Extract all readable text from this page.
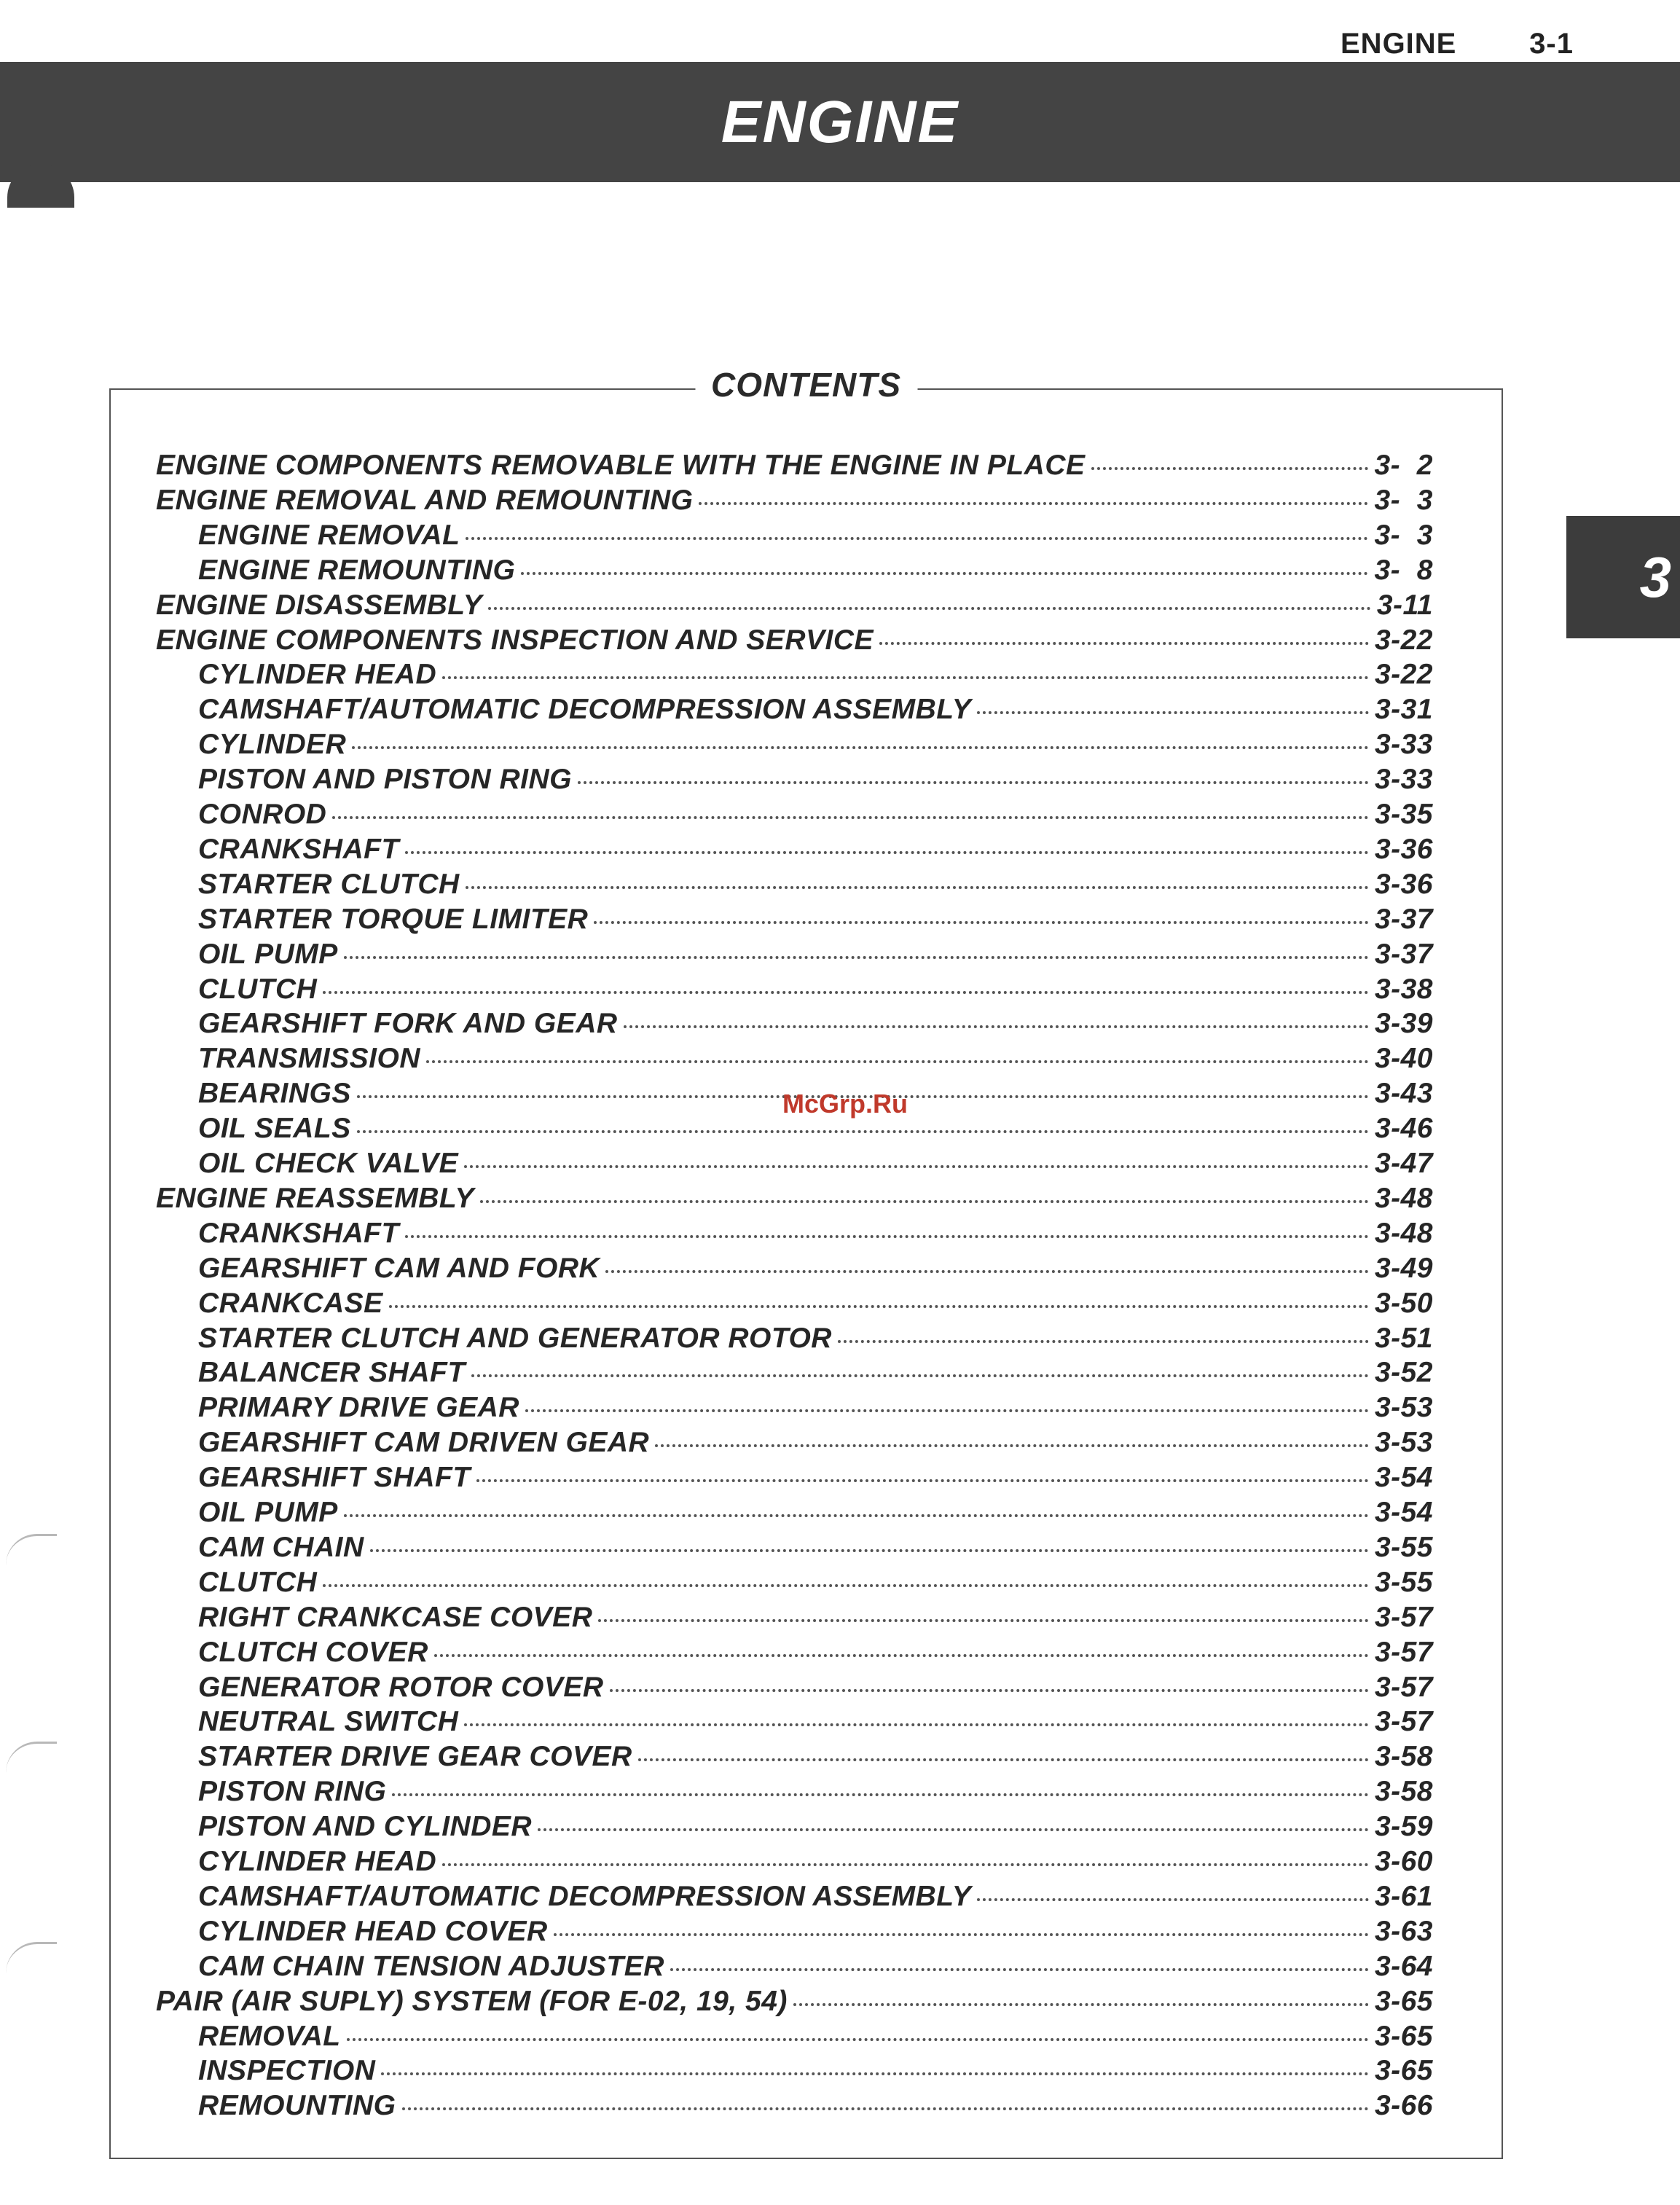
ENGINE 3-1
ENGINE
3
CONTENTS
ENGINE COMPONENTS REMOVABLE WITH THE ENGINE IN PLACE	3-  2
ENGINE REMOVAL AND REMOUNTING	3-  3
ENGINE REMOVAL	3-  3
ENGINE REMOUNTING	3-  8
ENGINE DISASSEMBLY	3-11
ENGINE COMPONENTS INSPECTION AND SERVICE	3-22
CYLINDER HEAD	3-22
CAMSHAFT/AUTOMATIC DECOMPRESSION ASSEMBLY	3-31
CYLINDER	3-33
PISTON AND PISTON RING	3-33
CONROD	3-35
CRANKSHAFT	3-36
STARTER CLUTCH	3-36
STARTER TORQUE LIMITER	3-37
OIL PUMP	3-37
CLUTCH	3-38
GEARSHIFT FORK AND GEAR	3-39
TRANSMISSION	3-40
BEARINGS	3-43
OIL SEALS	3-46
OIL CHECK VALVE	3-47
ENGINE REASSEMBLY	3-48
CRANKSHAFT	3-48
GEARSHIFT CAM AND FORK	3-49
CRANKCASE	3-50
STARTER CLUTCH AND GENERATOR ROTOR	3-51
BALANCER SHAFT	3-52
PRIMARY DRIVE GEAR	3-53
GEARSHIFT CAM DRIVEN GEAR	3-53
GEARSHIFT SHAFT	3-54
OIL PUMP	3-54
CAM CHAIN	3-55
CLUTCH	3-55
RIGHT CRANKCASE COVER	3-57
CLUTCH COVER	3-57
GENERATOR ROTOR COVER	3-57
NEUTRAL SWITCH	3-57
STARTER DRIVE GEAR COVER	3-58
PISTON RING	3-58
PISTON AND CYLINDER	3-59
CYLINDER HEAD	3-60
CAMSHAFT/AUTOMATIC DECOMPRESSION ASSEMBLY	3-61
CYLINDER HEAD COVER	3-63
CAM CHAIN TENSION ADJUSTER	3-64
PAIR (AIR SUPLY) SYSTEM (FOR E-02, 19, 54)	3-65
REMOVAL	3-65
INSPECTION	3-65
REMOUNTING	3-66
McGrp.Ru
